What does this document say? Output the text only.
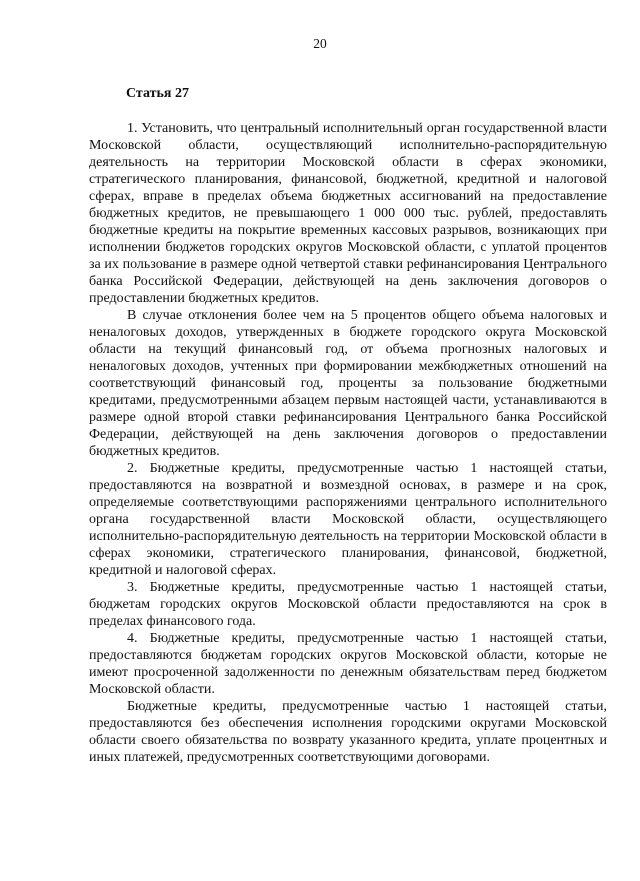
20
Статья 27

1. Установить, что центральный исполнительный орган государственной власти Московской области, осуществляющий исполнительно-распорядительную деятельность на территории Московской области в сферах экономики, стратегического планирования, финансовой, бюджетной, кредитной и налоговой сферах, вправе в пределах объема бюджетных ассигнований на предоставление бюджетных кредитов, не превышающего 1 000 000 тыс. рублей, предоставлять бюджетные кредиты на покрытие временных кассовых разрывов, возникающих при исполнении бюджетов городских округов Московской области, с уплатой процентов за их пользование в размере одной четвертой ставки рефинансирования Центрального банка Российской Федерации, действующей на день заключения договоров о предоставлении бюджетных кредитов.

В случае отклонения более чем на 5 процентов общего объема налоговых и неналоговых доходов, утвержденных в бюджете городского округа Московской области на текущий финансовый год, от объема прогнозных налоговых и неналоговых доходов, учтенных при формировании межбюджетных отношений на соответствующий финансовый год, проценты за пользование бюджетными кредитами, предусмотренными абзацем первым настоящей части, устанавливаются в размере одной второй ставки рефинансирования Центрального банка Российской Федерации, действующей на день заключения договоров о предоставлении бюджетных кредитов.

2. Бюджетные кредиты, предусмотренные частью 1 настоящей статьи, предоставляются на возвратной и возмездной основах, в размере и на срок, определяемые соответствующими распоряжениями центрального исполнительного органа государственной власти Московской области, осуществляющего исполнительно-распорядительную деятельность на территории Московской области в сферах экономики, стратегического планирования, финансовой, бюджетной, кредитной и налоговой сферах.

3. Бюджетные кредиты, предусмотренные частью 1 настоящей статьи, бюджетам городских округов Московской области предоставляются на срок в пределах финансового года.

4. Бюджетные кредиты, предусмотренные частью 1 настоящей статьи, предоставляются бюджетам городских округов Московской области, которые не имеют просроченной задолженности по денежным обязательствам перед бюджетом Московской области.

Бюджетные кредиты, предусмотренные частью 1 настоящей статьи, предоставляются без обеспечения исполнения городскими округами Московской области своего обязательства по возврату указанного кредита, уплате процентных и иных платежей, предусмотренных соответствующими договорами.
